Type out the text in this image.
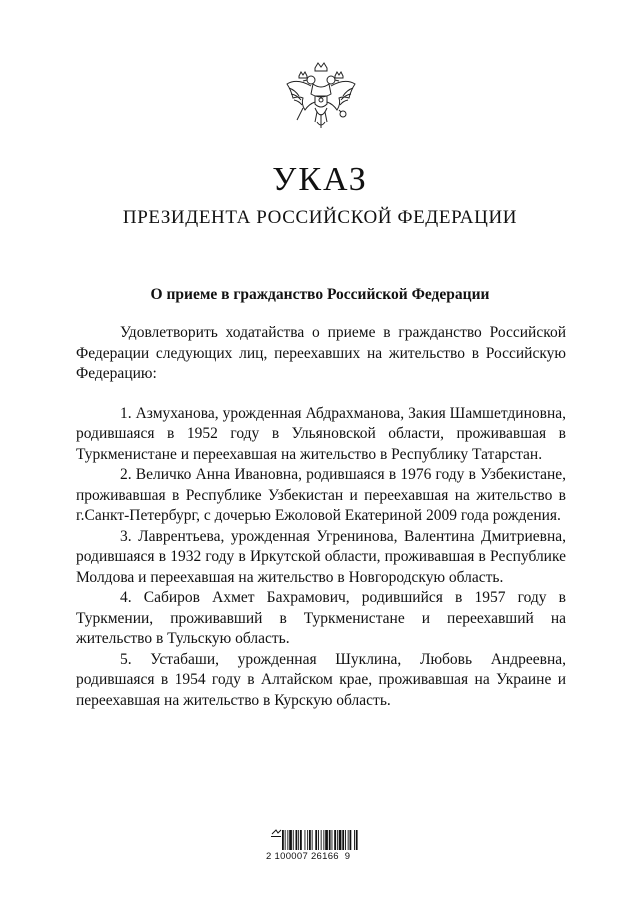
УКАЗ
ПРЕЗИДЕНТА РОССИЙСКОЙ ФЕДЕРАЦИИ
О приеме в гражданство Российской Федерации

Удовлетворить ходатайства о приеме в гражданство Российской Федерации следующих лиц, переехавших на жительство в Российскую Федерацию:

1. Азмуханова, урожденная Абдрахманова, Закия Шамшетдиновна, родившаяся в 1952 году в Ульяновской области, проживавшая в Туркменистане и переехавшая на жительство в Республику Татарстан.

2. Величко Анна Ивановна, родившаяся в 1976 году в Узбекистане, проживавшая в Республике Узбекистан и переехавшая на жительство в г.Санкт-Петербург, с дочерью Ежоловой Екатериной 2009 года рождения.

3. Лаврентьева, урожденная Угренинова, Валентина Дмитриевна, родившаяся в 1932 году в Иркутской области, проживавшая в Республике Молдова и переехавшая на жительство в Новгородскую область.

4. Сабиров Ахмет Бахрамович, родившийся в 1957 году в Туркмении, проживавший в Туркменистане и переехавший на жительство в Тульскую область.

5. Устабаши, урожденная Шуклина, Любовь Андреевна, родившаяся в 1954 году в Алтайском крае, проживавшая на Украине и переехавшая на жительство в Курскую область.

2 100007 26166  9
